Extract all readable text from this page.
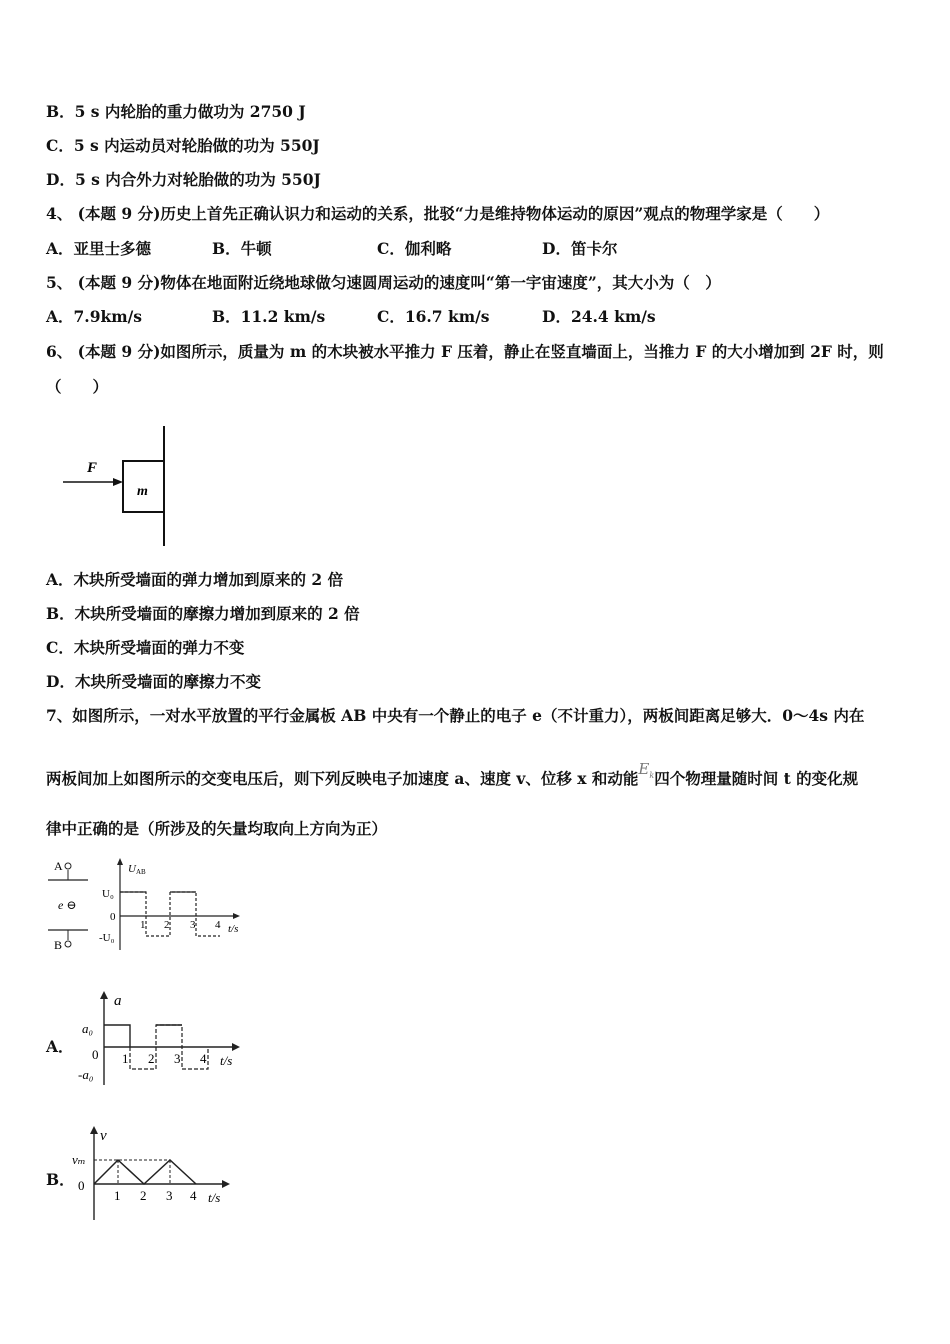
B．5 s 内轮胎的重力做功为 2750 J
C．5 s 内运动员对轮胎做的功为 550J
D．5 s 内合外力对轮胎做的功为 550J
4、 (本题 9 分)历史上首先正确认识力和运动的关系，批驳“力是维持物体运动的原因”观点的物理学家是（　　）
A．亚里士多德	B．牛顿	C．伽利略	D．笛卡尔
5、 (本题 9 分)物体在地面附近绕地球做匀速圆周运动的速度叫“第一宇宙速度”，其大小为（　）
A．7.9km/s	B．11.2 km/s	C．16.7 km/s	D．24.4 km/s
6、 (本题 9 分)如图所示，质量为 m 的木块被水平推力 F 压着，静止在竖直墙面上，当推力 F 的大小增加到 2F 时，则
（　　）
F
m
A．木块所受墙面的弹力增加到原来的 2 倍
B．木块所受墙面的摩擦力增加到原来的 2 倍
C．木块所受墙面的弹力不变
D．木块所受墙面的摩擦力不变
7、如图所示，一对水平放置的平行金属板 AB 中央有一个静止的电子 e（不计重力），两板间距离足够大．0～4s 内在
两板间加上如图所示的交变电压后，则下列反映电子加速度 a、速度 v、位移 x 和动能$E_k$四个物理量随时间 t 的变化规
律中正确的是（所涉及的矢量均取向上方向为正）
A
B
e ⊖
UAB
U₀
0
-U₀
1 2 3 4 t/s
A．
a
a₀
0
-a₀
1 2 3 4 t/s
B．
v
vₘ
0
1 2 3 4 t/s
